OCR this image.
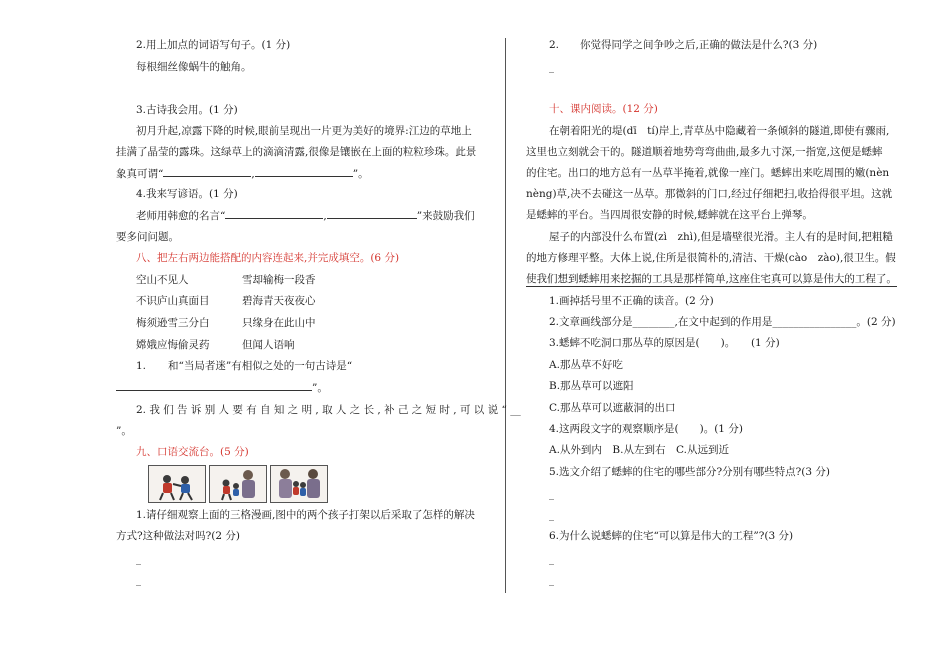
2.用上加点的词语写句子。(1 分)
每根细丝像蜗牛的触角。
3.古诗我会用。(1 分)
初月升起,凉露下降的时候,眼前呈现出一片更为美好的境界:江边的草地上
挂满了晶莹的露珠。这绿草上的滴滴清露,很像是镶嵌在上面的粒粒珍珠。此景
象真可谓“	,	”。
4.我来写谚语。(1 分)
老师用韩愈的名言“	,	”来鼓励我们
要多问问题。
八、把左右两边能搭配的内容连起来,并完成填空。(6 分)
空山不见人	雪却输梅一段香
不识庐山真面目	碧海青天夜夜心
梅须逊雪三分白	只缘身在此山中
嫦娥应悔偷灵药	但闻人语响
1. 和“当局者迷”有相似之处的一句古诗是“
”。
2. 我 们 告 诉 别 人 要 有 自 知 之 明 , 取 人 之 长 , 补 己 之 短 时 , 可 以 说 “ __
”。
九、口语交流台。(5 分)
1.请仔细观察上面的三格漫画,图中的两个孩子打架以后采取了怎样的解决
方式?这种做法对吗?(2 分)
_
_
2. 你觉得同学之间争吵之后,正确的做法是什么?(3 分)
_
十、课内阅读。(12 分)
在朝着阳光的堤(dī　tí)岸上,青草丛中隐藏着一条倾斜的隧道,即使有骤雨,
这里也立刻就会干的。隧道顺着地势弯弯曲曲,最多九寸深,一指宽,这便是蟋蟀
的住宅。出口的地方总有一丛草半掩着,就像一座门。蟋蟀出来吃周围的嫩(nèn
nèng)草,决不去碰这一丛草。那微斜的门口,经过仔细耙扫,收拾得很平坦。这就
是蟋蟀的平台。当四周很安静的时候,蟋蟀就在这平台上弹琴。
屋子的内部没什么布置(zì　zhì),但是墙壁很光滑。主人有的是时间,把粗糙
的地方修理平整。大体上说,住所是很简朴的,清洁、干燥(cào　zào),很卫生。假
使我们想到蟋蟀用来挖掘的工具是那样简单,这座住宅真可以算是伟大的工程了。
1.画掉括号里不正确的读音。(2 分)
2.文章画线部分是________,在文中起到的作用是________________。(2 分)
3.蟋蟀不吃洞口那丛草的原因是(　　)。　　(1 分)
A.那丛草不好吃
B.那丛草可以遮阳
C.那丛草可以遮蔽洞的出口
4.这两段文字的观察顺序是(　　)。(1 分)
A.从外到内　B.从左到右　C.从远到近
5.选文介绍了蟋蟀的住宅的哪些部分?分别有哪些特点?(3 分)
_
_
6.为什么说蟋蟀的住宅“可以算是伟大的工程”?(3 分)
_
_
